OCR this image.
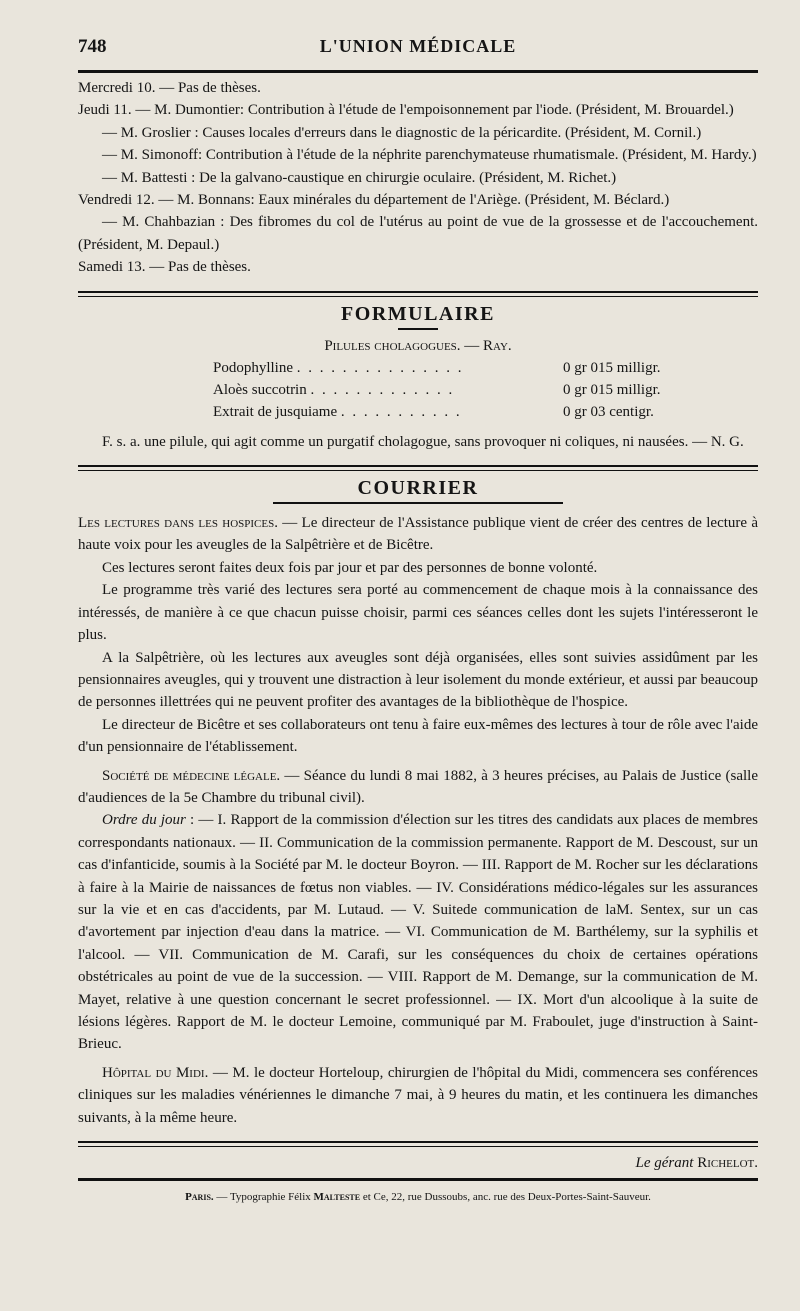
748	L'UNION MÉDICALE

Mercredi 10. — Pas de thèses.

Jeudi 11. — M. Dumontier: Contribution à l'étude de l'empoisonnement par l'iode. (Président, M. Brouardel.)

— M. Groslier : Causes locales d'erreurs dans le diagnostic de la péricardite. (Président, M. Cornil.)

— M. Simonoff: Contribution à l'étude de la néphrite parenchymateuse rhumatismale. (Président, M. Hardy.)

— M. Battesti : De la galvano-caustique en chirurgie oculaire. (Président, M. Richet.)

Vendredi 12. — M. Bonnans: Eaux minérales du département de l'Ariège. (Président, M. Béclard.)

— M. Chahbazian : Des fibromes du col de l'utérus au point de vue de la grossesse et de l'accouchement. (Président, M. Depaul.)

Samedi 13. — Pas de thèses.

FORMULAIRE
Pilules cholagogues. — Ray.
Podophylline . . . . . . . . . . . . . . .	0 gr 015 milligr.
Aloès succotrin . . . . . . . . . . . . .	0 gr 015 milligr.
Extrait de jusquiame . . . . . . . . . . .	0 gr 03 centigr.

F. s. a. une pilule, qui agit comme un purgatif cholagogue, sans provoquer ni coliques, ni nausées. — N. G.

COURRIER

Les lectures dans les hospices. — Le directeur de l'Assistance publique vient de créer des centres de lecture à haute voix pour les aveugles de la Salpêtrière et de Bicêtre.

Ces lectures seront faites deux fois par jour et par des personnes de bonne volonté.

Le programme très varié des lectures sera porté au commencement de chaque mois à la connaissance des intéressés, de manière à ce que chacun puisse choisir, parmi ces séances celles dont les sujets l'intéresseront le plus.

A la Salpêtrière, où les lectures aux aveugles sont déjà organisées, elles sont suivies assidûment par les pensionnaires aveugles, qui y trouvent une distraction à leur isolement du monde extérieur, et aussi par beaucoup de personnes illettrées qui ne peuvent profiter des avantages de la bibliothèque de l'hospice.

Le directeur de Bicêtre et ses collaborateurs ont tenu à faire eux-mêmes des lectures à tour de rôle avec l'aide d'un pensionnaire de l'établissement.

Société de médecine légale. — Séance du lundi 8 mai 1882, à 3 heures précises, au Palais de Justice (salle d'audiences de la 5e Chambre du tribunal civil).

Ordre du jour : — I. Rapport de la commission d'élection sur les titres des candidats aux places de membres correspondants nationaux. — II. Communication de la commission permanente. Rapport de M. Descoust, sur un cas d'infanticide, soumis à la Société par M. le docteur Boyron. — III. Rapport de M. Rocher sur les déclarations à faire à la Mairie de naissances de fœtus non viables. — IV. Considérations médico-légales sur les assurances sur la vie et en cas d'accidents, par M. Lutaud. — V. Suitede communication de laM. Sentex, sur un cas d'avortement par injection d'eau dans la matrice. — VI. Communication de M. Barthélemy, sur la syphilis et l'alcool. — VII. Communication de M. Carafi, sur les conséquences du choix de certaines opérations obstétricales au point de vue de la succession. — VIII. Rapport de M. Demange, sur la communication de M. Mayet, relative à une question concernant le secret professionnel. — IX. Mort d'un alcoolique à la suite de lésions légères. Rapport de M. le docteur Lemoine, communiqué par M. Fraboulet, juge d'instruction à Saint-Brieuc.

Hôpital du Midi. — M. le docteur Horteloup, chirurgien de l'hôpital du Midi, commencera ses conférences cliniques sur les maladies vénériennes le dimanche 7 mai, à 9 heures du matin, et les continuera les dimanches suivants, à la même heure.

Le gérant Richelot.
Paris. — Typographie Félix Malteste et Ce, 22, rue Dussoubs, anc. rue des Deux-Portes-Saint-Sauveur.
